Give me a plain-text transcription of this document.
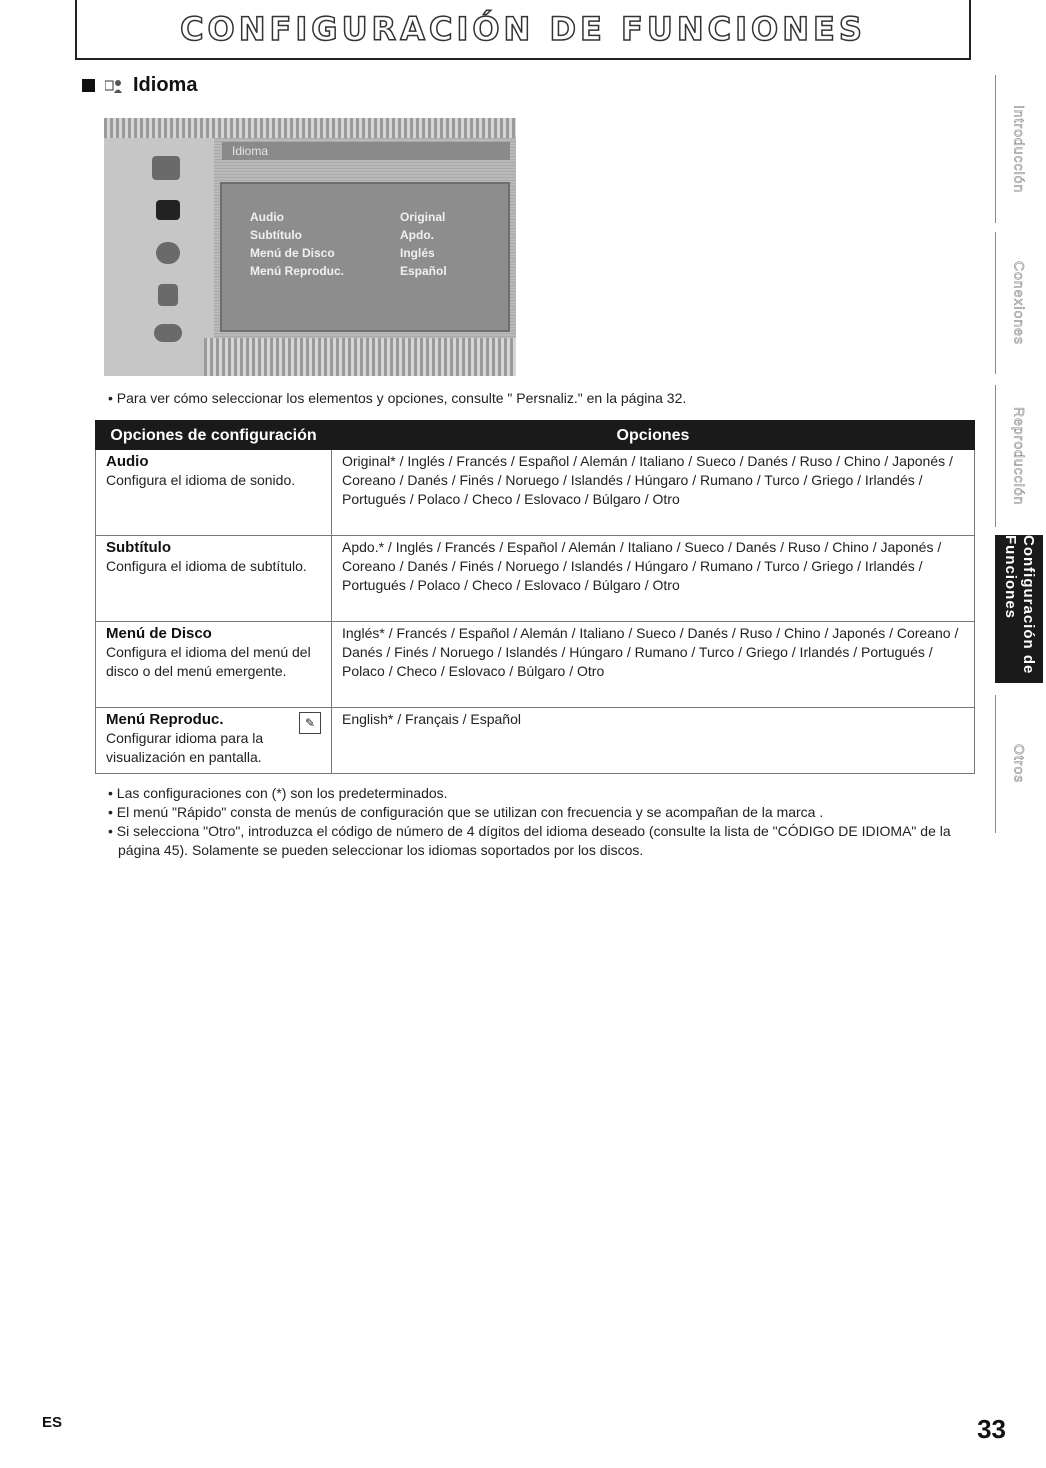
CONFIGURACIÓN DE FUNCIONES
Idioma
Idioma
Audio	Original
Subtítulo	Apdo.
Menú de Disco	Inglés
Menú Reproduc.	Español
• Para ver cómo seleccionar los elementos y opciones, consulte " Persnaliz." en la página 32.
Opciones de configuración	Opciones

Audio
Configura el idioma de sonido.	Original* / Inglés / Francés / Español / Alemán / Italiano / Sueco / Danés / Ruso / Chino / Japonés / Coreano / Danés / Finés / Noruego / Islandés / Húngaro / Rumano / Turco / Griego / Irlandés / Portugués / Polaco / Checo / Eslovaco / Búlgaro / Otro

Subtítulo
Configura el idioma de subtítulo.	Apdo.* / Inglés / Francés / Español / Alemán / Italiano / Sueco / Danés / Ruso / Chino / Japonés / Coreano / Danés / Finés / Noruego / Islandés / Húngaro / Rumano / Turco / Griego / Irlandés / Portugués / Polaco / Checo / Eslovaco / Búlgaro / Otro

Menú de Disco
Configura el idioma del menú del disco o del menú emergente.	Inglés* / Francés / Español / Alemán / Italiano / Sueco / Danés / Ruso / Chino / Japonés / Coreano / Danés / Finés / Noruego / Islandés / Húngaro / Rumano / Turco / Griego / Irlandés / Portugués / Polaco / Checo / Eslovaco / Búlgaro / Otro

Menú Reproduc.
Configurar idioma para la visualización en pantalla.
✎	English* / Français / Español
• Las configuraciones con (*) son los predeterminados.
• El menú "Rápido" consta de menús de configuración que se utilizan con frecuencia y se acompañan de la marca .
• Si selecciona "Otro", introduzca el código de número de 4 dígitos del idioma deseado (consulte la lista de "CÓDIGO DE IDIOMA" de la página 45). Solamente se pueden seleccionar los idiomas soportados por los discos.
Introducción
Conexiones
Reproducción
Configuración de Funciones
Otros
ES	33
